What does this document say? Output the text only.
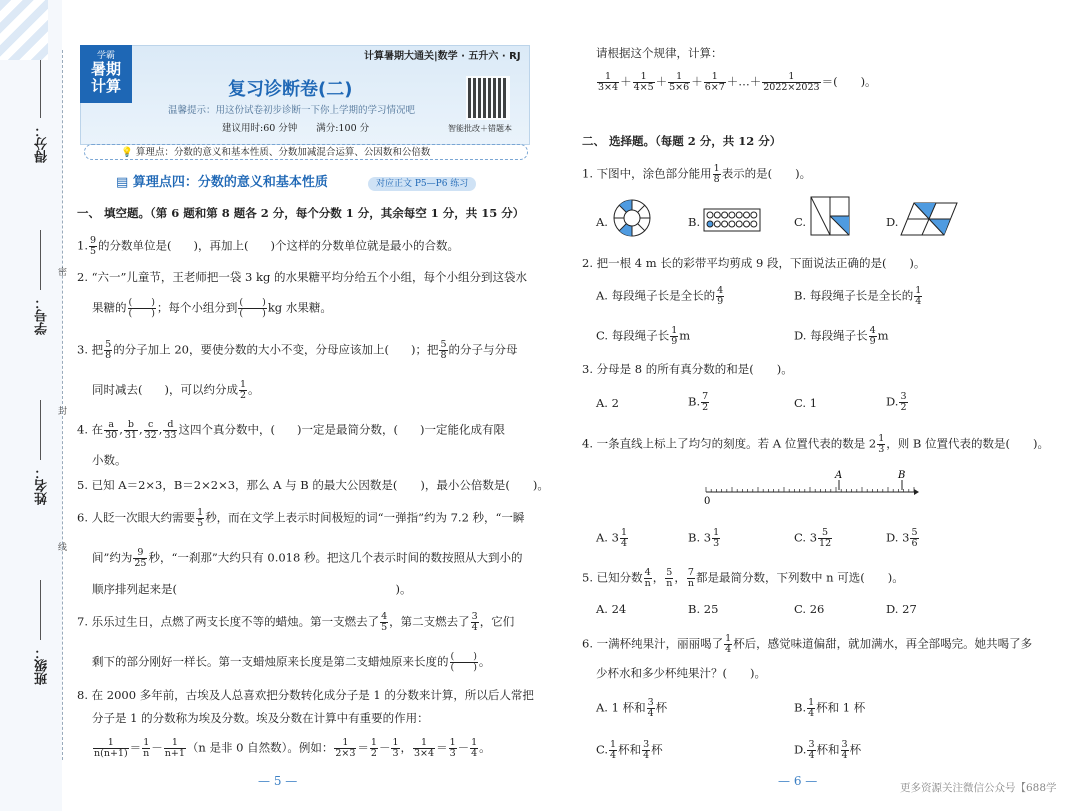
得分：
学号：
姓名：
班级：
密
封
线
学霸
暑期
计算
计算暑期大通关|数学 · 五升六 · RJ
复习诊断卷(二)
温馨提示：用这份试卷初步诊断一下你上学期的学习情况吧
建议用时:60 分钟　　满分:100 分	智能批改＋错题本
💡 算理点：分数的意义和基本性质、分数加减混合运算、公因数和公倍数
▤ 算理点四：分数的意义和基本性质	对应正文 P5—P6 练习
一、 填空题。（第 6 题和第 8 题各 2 分，每个分数 1 分，其余每空 1 分，共 15 分）
1. $\frac{9}{5}$ 的分数单位是( )，再加上( )个这样的分数单位就是最小的合数。
2. “六一”儿童节，王老师把一袋 3 kg 的水果糖平均分给五个小组，每个小组分到这袋水
果糖的 $\frac{( )}{( )}$ ；每个小组分到 $\frac{( )}{( )}$ kg 水果糖。
3. 把 $\frac{5}{8}$ 的分子加上 20，要使分数的大小不变，分母应该加上( )；把 $\frac{5}{8}$ 的分子与分母
同时减去( )，可以约分成 $\frac{1}{2}$ 。
4. 在 $\frac{a}{30}$ , $\frac{b}{31}$ , $\frac{c}{32}$ , $\frac{d}{33}$ 这四个真分数中，( )一定是最简分数，( )一定能化成有限
小数。
5. 已知 A＝2×3，B＝2×2×3，那么 A 与 B 的最大公因数是(　　)，最小公倍数是(　　)。
6. 人眨一次眼大约需要 $\frac{1}{5}$ 秒，而在文学上表示时间极短的词“一弹指”约为 7.2 秒，“一瞬
间”约为 $\frac{9}{25}$ 秒，“一刹那”大约只有 0.018 秒。把这几个表示时间的数按照从大到小的
顺序排列起来是(　　　　　　　　　　　　　　　　　　　)。
7. 乐乐过生日，点燃了两支长度不等的蜡烛。第一支燃去了 $\frac{4}{5}$ ，第二支燃去了 $\frac{3}{4}$ ，它们
剩下的部分刚好一样长。第一支蜡烛原来长度是第二支蜡烛原来长度的 $\frac{( )}{( )}$ 。
8. 在 2000 多年前，古埃及人总喜欢把分数转化成分子是 1 的分数来计算，所以后人常把
分子是 1 的分数称为埃及分数。埃及分数在计算中有重要的作用：
$\frac{1}{n(n+1)} = \frac{1}{n} - \frac{1}{n+1} (n$ 是非 0 自然数）。例如： $\frac{1}{2\times 3} = \frac{1}{2} - \frac{1}{3}$ ， $\frac{1}{3\times 4} = \frac{1}{3} - \frac{1}{4}$ 。
— 5 —
请根据这个规律，计算：
$\frac{1}{3\times 4} + \frac{1}{4\times 5} + \frac{1}{5\times 6} + \frac{1}{6\times 7}$ ＋…＋ $\frac{1}{2022\times 2023}$ ＝(　　)。
二、 选择题。（每题 2 分，共 12 分）
1. 下图中，涂色部分能用 $\frac{1}{8}$ 表示的是(　　)。
A.	B.	C.	D.
2. 把一根 4 m 长的彩带平均剪成 9 段，下面说法正确的是(　　)。
A. 每段绳子长是全长的 $\frac{4}{9}$	B. 每段绳子长是全长的 $\frac{1}{4}$
C. 每段绳子长 $\frac{1}{9}$ m	D. 每段绳子长 $\frac{4}{9}$ m
3. 分母是 8 的所有真分数的和是(　　)。
A. 2	B. $\frac{7}{2}$	C. 1	D. $\frac{3}{2}$
4. 一条直线上标上了均匀的刻度。若 A 位置代表的数是 $2 \frac{1}{3}$ ，则 B 位置代表的数是(　　)。
0
A	B
A. $3 \frac{1}{4}$	B. $3 \frac{1}{3}$	C. $3 \frac{5}{12}$	D. $3 \frac{5}{6}$
5. 已知分数 $\frac{4}{n}$ ， $\frac{5}{n}$ ， $\frac{7}{n}$ 都是最简分数，下列数中 n 可选(　　)。
A. 24	B. 25	C. 26	D. 27
6. 一满杯纯果汁，丽丽喝了 $\frac{1}{4}$ 杯后，感觉味道偏甜，就加满水，再全部喝完。她共喝了多
少杯水和多少杯纯果汁？(　　)。
A. 1 杯和 $\frac{3}{4}$ 杯	B. $\frac{1}{4}$ 杯和 1 杯
C. $\frac{1}{4}$ 杯和 $\frac{3}{4}$ 杯	D. $\frac{3}{4}$ 杯和 $\frac{3}{4}$ 杯
— 6 —	更多资源关注微信公众号【688学
